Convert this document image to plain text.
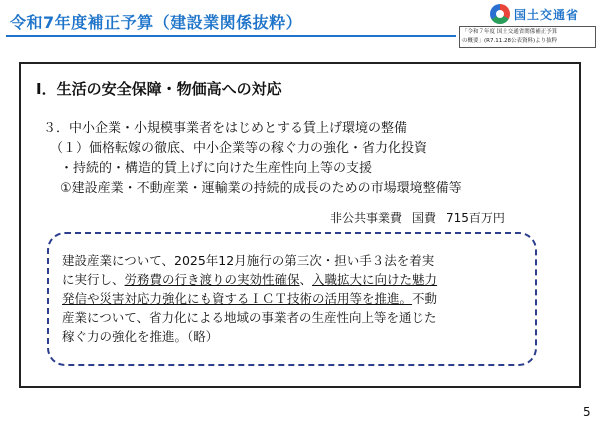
令和7年度補正予算（建設業関係抜粋）	国土交通省
「令和７年度 国土交通省関係補正予算
の概要」(R7.11.28公表資料)より抜粋
Ⅰ．生活の安全保障・物価高への対応
３．中小企業・小規模事業者をはじめとする賃上げ環境の整備
（１）価格転嫁の徹底、中小企業等の稼ぐ力の強化・省力化投資
・持続的・構造的賃上げに向けた生産性向上等の支援
①建設産業・不動産業・運輸業の持続的成長のための市場環境整備等
非公共事業費 国費 715百万円
建設産業について、2025年12月施行の第三次・担い手３法を着実
に実行し、労務費の行き渡りの実効性確保、入職拡大に向けた魅力
発信や災害対応力強化にも資するＩＣＴ技術の活用等を推進。不動
産業について、省力化による地域の事業者の生産性向上等を通じた
稼ぐ力の強化を推進。（略）
5
